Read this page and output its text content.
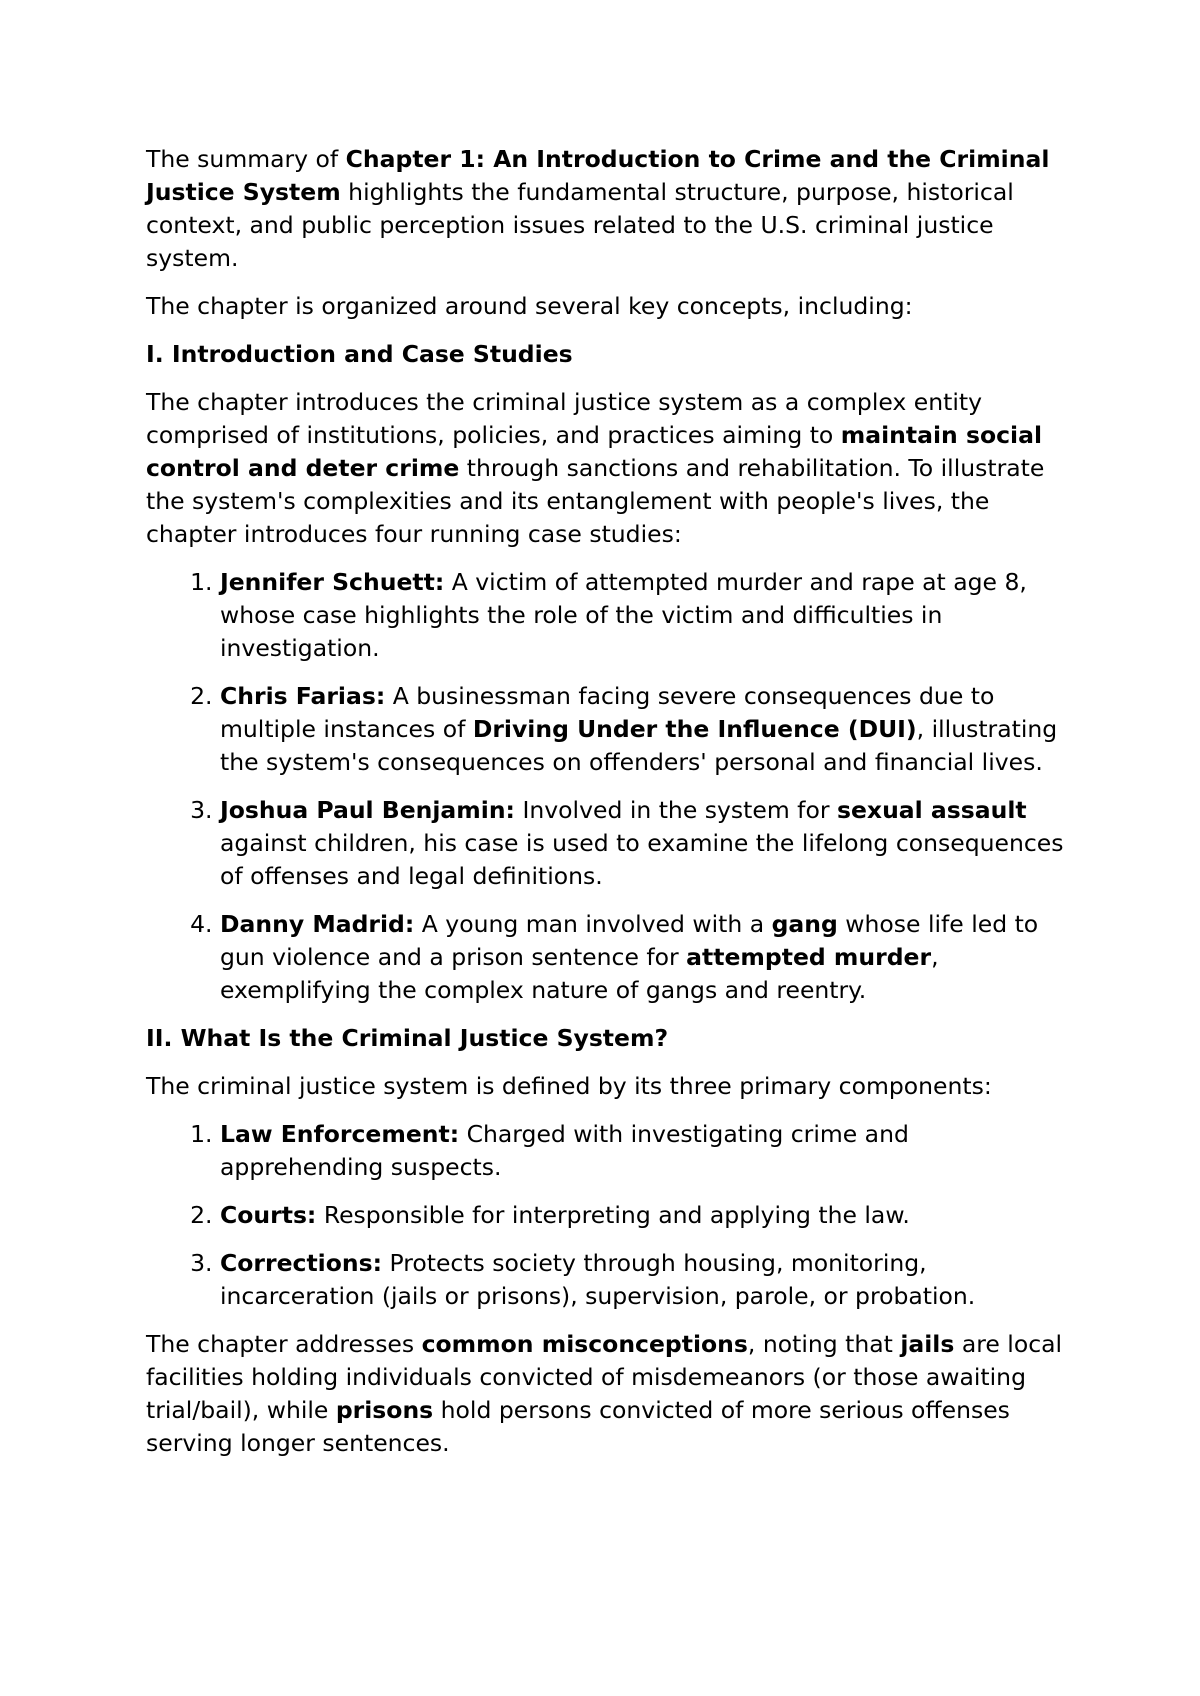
The summary of Chapter 1: An Introduction to Crime and the Criminal Justice System highlights the fundamental structure, purpose, historical context, and public perception issues related to the U.S. criminal justice system.

The chapter is organized around several key concepts, including:

I. Introduction and Case Studies

The chapter introduces the criminal justice system as a complex entity comprised of institutions, policies, and practices aiming to maintain social control and deter crime through sanctions and rehabilitation. To illustrate the system's complexities and its entanglement with people's lives, the chapter introduces four running case studies:

1. Jennifer Schuett: A victim of attempted murder and rape at age 8, whose case highlights the role of the victim and difficulties in investigation.
2. Chris Farias: A businessman facing severe consequences due to multiple instances of Driving Under the Influence (DUI), illustrating the system's consequences on offenders' personal and financial lives.
3. Joshua Paul Benjamin: Involved in the system for sexual assault against children, his case is used to examine the lifelong consequences of offenses and legal definitions.
4. Danny Madrid: A young man involved with a gang whose life led to gun violence and a prison sentence for attempted murder, exemplifying the complex nature of gangs and reentry.
II. What Is the Criminal Justice System?

The criminal justice system is defined by its three primary components:

1. Law Enforcement: Charged with investigating crime and apprehending suspects.
2. Courts: Responsible for interpreting and applying the law.
3. Corrections: Protects society through housing, monitoring, incarceration (jails or prisons), supervision, parole, or probation.

The chapter addresses common misconceptions, noting that jails are local facilities holding individuals convicted of misdemeanors (or those awaiting trial/bail), while prisons hold persons convicted of more serious offenses serving longer sentences.
